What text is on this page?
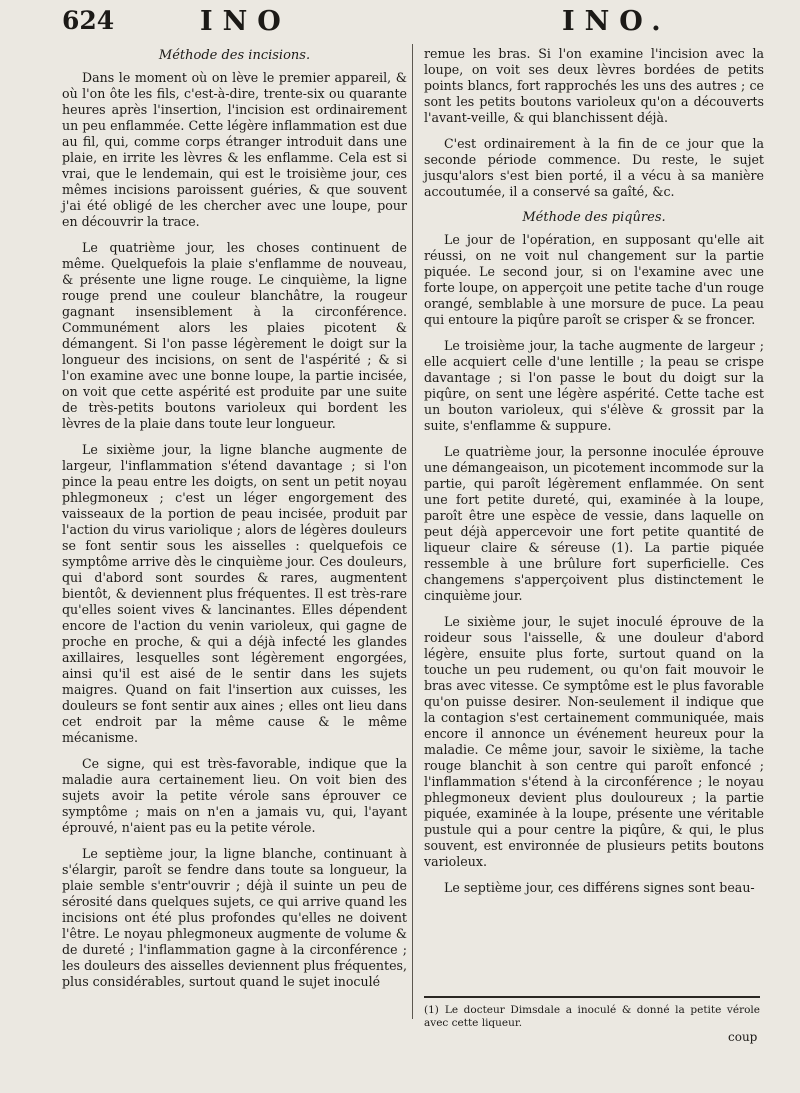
624	INO	INO.
Méthode des incisions.

Dans le moment où on lève le premier appareil, & où l'on ôte les fils, c'est-à-dire, trente-six ou quarante heures après l'insertion, l'incision est ordinairement un peu enflammée. Cette légère inflammation est due au fil, qui, comme corps étranger introduit dans une plaie, en irrite les lèvres & les enflamme. Cela est si vrai, que le lendemain, qui est le troisième jour, ces mêmes incisions paroissent guéries, & que souvent j'ai été obligé de les chercher avec une loupe, pour en découvrir la trace.

Le quatrième jour, les choses continuent de même. Quelquefois la plaie s'enflamme de nouveau, & présente une ligne rouge. Le cinquième, la ligne rouge prend une couleur blanchâtre, la rougeur gagnant insensiblement à la circonférence. Communément alors les plaies picotent & démangent. Si l'on passe légèrement le doigt sur la longueur des incisions, on sent de l'aspérité ; & si l'on examine avec une bonne loupe, la partie incisée, on voit que cette aspérité est produite par une suite de très-petits boutons varioleux qui bordent les lèvres de la plaie dans toute leur longueur.

Le sixième jour, la ligne blanche augmente de largeur, l'inflammation s'étend davantage ; si l'on pince la peau entre les doigts, on sent un petit noyau phlegmoneux ; c'est un léger engorgement des vaisseaux de la portion de peau incisée, produit par l'action du virus variolique ; alors de légères douleurs se font sentir sous les aisselles : quelquefois ce symptôme arrive dès le cinquième jour. Ces douleurs, qui d'abord sont sourdes & rares, augmentent bientôt, & deviennent plus fréquentes. Il est très-rare qu'elles soient vives & lancinantes. Elles dépendent encore de l'action du venin varioleux, qui gagne de proche en proche, & qui a déjà infecté les glandes axillaires, lesquelles sont légèrement engorgées, ainsi qu'il est aisé de le sentir dans les sujets maigres. Quand on fait l'insertion aux cuisses, les douleurs se font sentir aux aines ; elles ont lieu dans cet endroit par la même cause & le même mécanisme.

Ce signe, qui est très-favorable, indique que la maladie aura certainement lieu. On voit bien des sujets avoir la petite vérole sans éprouver ce symptôme ; mais on n'en a jamais vu, qui, l'ayant éprouvé, n'aient pas eu la petite vérole.

Le septième jour, la ligne blanche, continuant à s'élargir, paroît se fendre dans toute sa longueur, la plaie semble s'entr'ouvrir ; déjà il suinte un peu de sérosité dans quelques sujets, ce qui arrive quand les incisions ont été plus profondes qu'elles ne doivent l'être. Le noyau phlegmoneux augmente de volume & de dureté ; l'inflammation gagne à la circonférence ; les douleurs des aisselles deviennent plus fréquentes, plus considérables, surtout quand le sujet inoculé

remue les bras. Si l'on examine l'incision avec la loupe, on voit ses deux lèvres bordées de petits points blancs, fort rapprochés les uns des autres ; ce sont les petits boutons varioleux qu'on a découverts l'avant-veille, & qui blanchissent déjà.

C'est ordinairement à la fin de ce jour que la seconde période commence. Du reste, le sujet jusqu'alors s'est bien porté, il a vécu à sa manière accoutumée, il a conservé sa gaîté, &c.

Méthode des piqûres.

Le jour de l'opération, en supposant qu'elle ait réussi, on ne voit nul changement sur la partie piquée. Le second jour, si on l'examine avec une forte loupe, on apperçoit une petite tache d'un rouge orangé, semblable à une morsure de puce. La peau qui entoure la piqûre paroît se crisper & se froncer.

Le troisième jour, la tache augmente de largeur ; elle acquiert celle d'une lentille ; la peau se crispe davantage ; si l'on passe le bout du doigt sur la piqûre, on sent une légère aspérité. Cette tache est un bouton varioleux, qui s'élève & grossit par la suite, s'enflamme & suppure.

Le quatrième jour, la personne inoculée éprouve une démangeaison, un picotement incommode sur la partie, qui paroît légèrement enflammée. On sent une fort petite dureté, qui, examinée à la loupe, paroît être une espèce de vessie, dans laquelle on peut déjà appercevoir une fort petite quantité de liqueur claire & séreuse (1). La partie piquée ressemble à une brûlure fort superficielle. Ces changemens s'apperçoivent plus distinctement le cinquième jour.

Le sixième jour, le sujet inoculé éprouve de la roideur sous l'aisselle, & une douleur d'abord légère, ensuite plus forte, surtout quand on la touche un peu rudement, ou qu'on fait mouvoir le bras avec vitesse. Ce symptôme est le plus favorable qu'on puisse desirer. Non-seulement il indique que la contagion s'est certainement communiquée, mais encore il annonce un événement heureux pour la maladie. Ce même jour, savoir le sixième, la tache rouge blanchit à son centre qui paroît enfoncé ; l'inflammation s'étend à la circonférence ; le noyau phlegmoneux devient plus douloureux ; la partie piquée, examinée à la loupe, présente une véritable pustule qui a pour centre la piqûre, & qui, le plus souvent, est environnée de plusieurs petits boutons varioleux.

Le septième jour, ces différens signes sont beau-

(1) Le docteur Dimsdale a inoculé & donné la petite vérole avec cette liqueur.
coup
